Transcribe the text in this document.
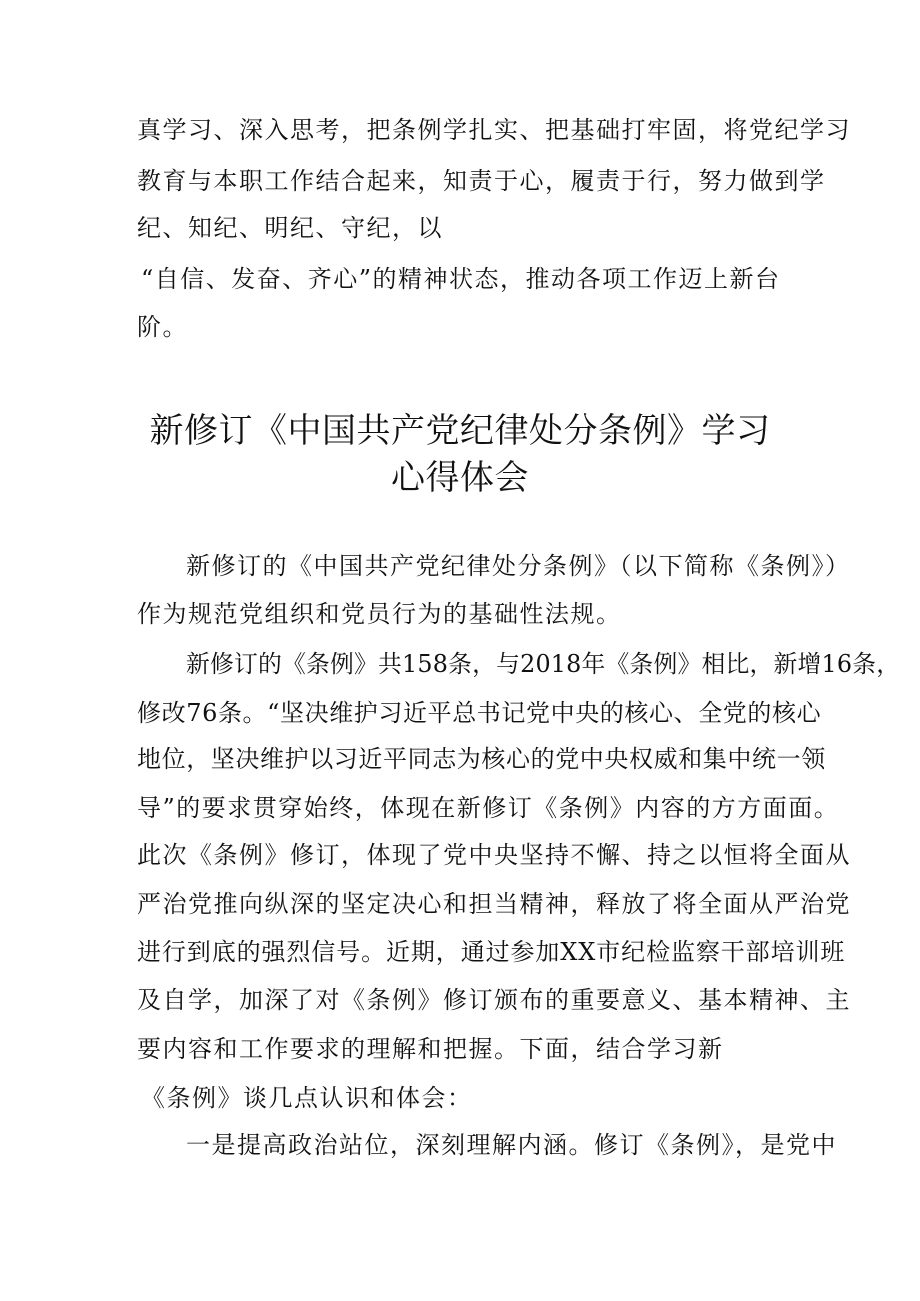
真学习、深入思考，把条例学扎实、把基础打牢固，将党纪学习
教育与本职工作结合起来，知责于心，履责于行，努力做到学
纪、知纪、明纪、守纪，以
“自信、发奋、齐心”的精神状态，推动各项工作迈上新台
阶。
新修订《中国共产党纪律处分条例》学习
心得体会
新修订的《中国共产党纪律处分条例》（以下简称《条例》）
作为规范党组织和党员行为的基础性法规。
新修订的《条例》共158条，与2018年《条例》相比，新增16条，
修改76条。“坚决维护习近平总书记党中央的核心、全党的核心
地位，坚决维护以习近平同志为核心的党中央权威和集中统一领
导”的要求贯穿始终，体现在新修订《条例》内容的方方面面。
此次《条例》修订，体现了党中央坚持不懈、持之以恒将全面从
严治党推向纵深的坚定决心和担当精神，释放了将全面从严治党
进行到底的强烈信号。近期，通过参加XX市纪检监察干部培训班
及自学，加深了对《条例》修订颁布的重要意义、基本精神、主
要内容和工作要求的理解和把握。下面，结合学习新
《条例》谈几点认识和体会：
一是提高政治站位，深刻理解内涵。修订《条例》，是党中
